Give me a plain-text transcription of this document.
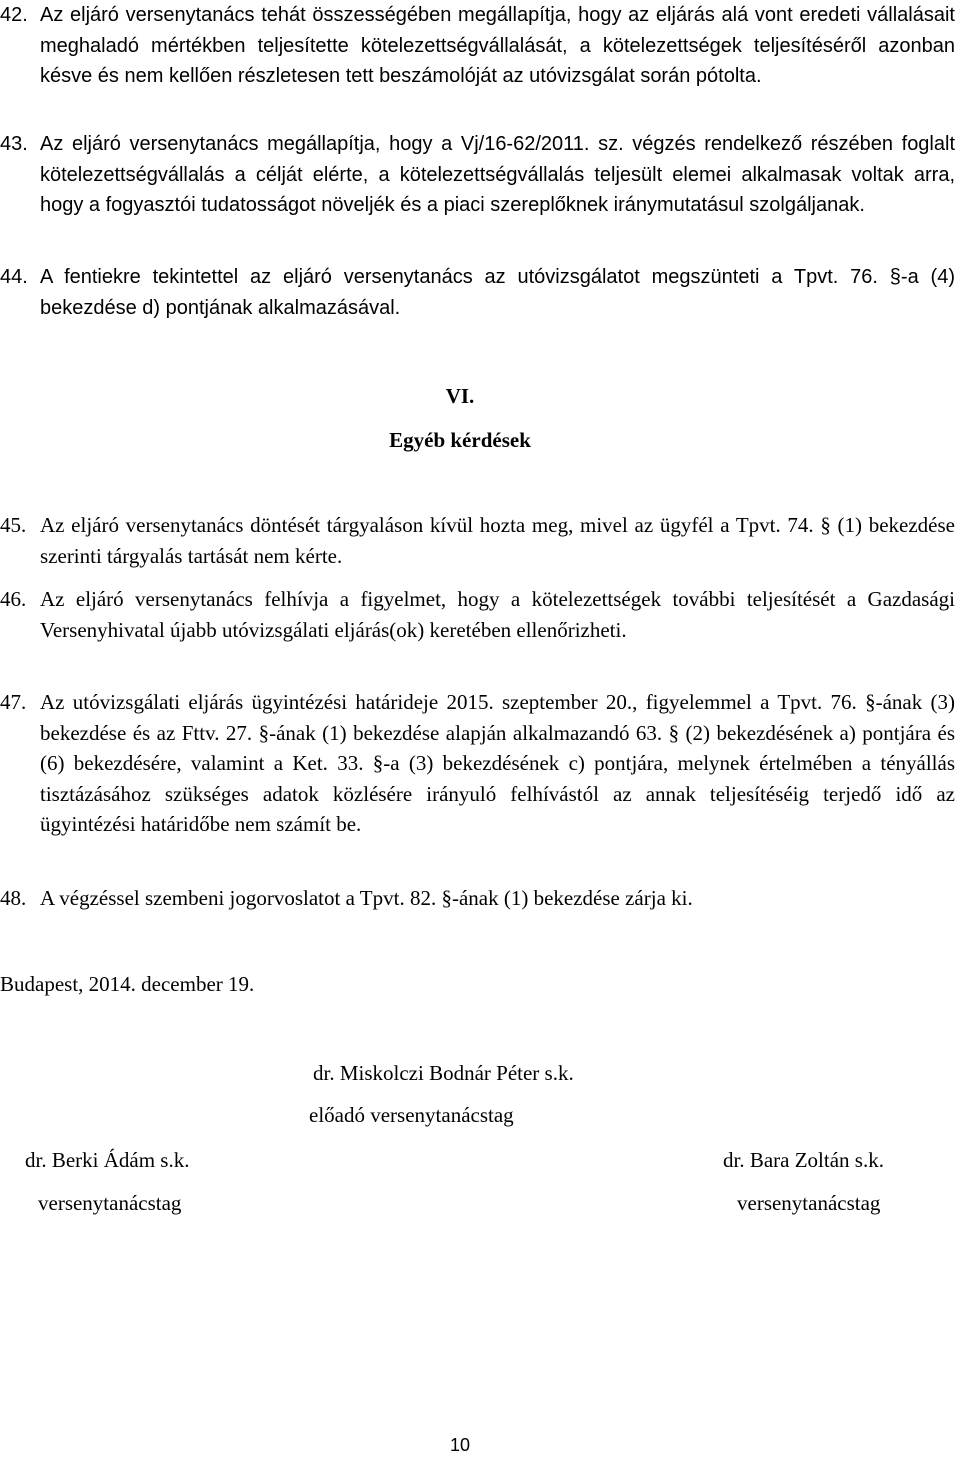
42. Az eljáró versenytanács tehát összességében megállapítja, hogy az eljárás alá vont eredeti vállalásait meghaladó mértékben teljesítette kötelezettségvállalását, a kötelezettségek teljesítéséről azonban késve és nem kellően részletesen tett beszámolóját az utóvizsgálat során pótolta.
43. Az eljáró versenytanács megállapítja, hogy a Vj/16-62/2011. sz. végzés rendelkező részében foglalt kötelezettségvállalás a célját elérte, a kötelezettségvállalás teljesült elemei alkalmasak voltak arra, hogy a fogyasztói tudatosságot növeljék és a piaci szereplőknek iránymutatásul szolgáljanak.
44. A fentiekre tekintettel az eljáró versenytanács az utóvizsgálatot megszünteti a Tpvt. 76. §-a (4) bekezdése d) pontjának alkalmazásával.
VI.
Egyéb kérdések
45. Az eljáró versenytanács döntését tárgyaláson kívül hozta meg, mivel az ügyfél a Tpvt. 74. § (1) bekezdése szerinti tárgyalás tartását nem kérte.
46. Az eljáró versenytanács felhívja a figyelmet, hogy a kötelezettségek további teljesítését a Gazdasági Versenyhivatal újabb utóvizsgálati eljárás(ok) keretében ellenőrizheti.
47. Az utóvizsgálati eljárás ügyintézési határideje 2015. szeptember 20., figyelemmel a Tpvt. 76. §-ának (3) bekezdése és az Fttv. 27. §-ának (1) bekezdése alapján alkalmazandó 63. § (2) bekezdésének a) pontjára és (6) bekezdésére, valamint a Ket. 33. §-a (3) bekezdésének c) pontjára, melynek értelmében a tényállás tisztázásához szükséges adatok közlésére irányuló felhívástól az annak teljesítéséig terjedő idő az ügyintézési határidőbe nem számít be.
48. A végzéssel szembeni jogorvoslatot a Tpvt. 82. §-ának (1) bekezdése zárja ki.
Budapest, 2014. december 19.
dr. Miskolczi Bodnár Péter s.k.
előadó versenytanácstag
dr. Berki Ádám s.k.
versenytanácstag
dr. Bara Zoltán s.k.
versenytanácstag
10
